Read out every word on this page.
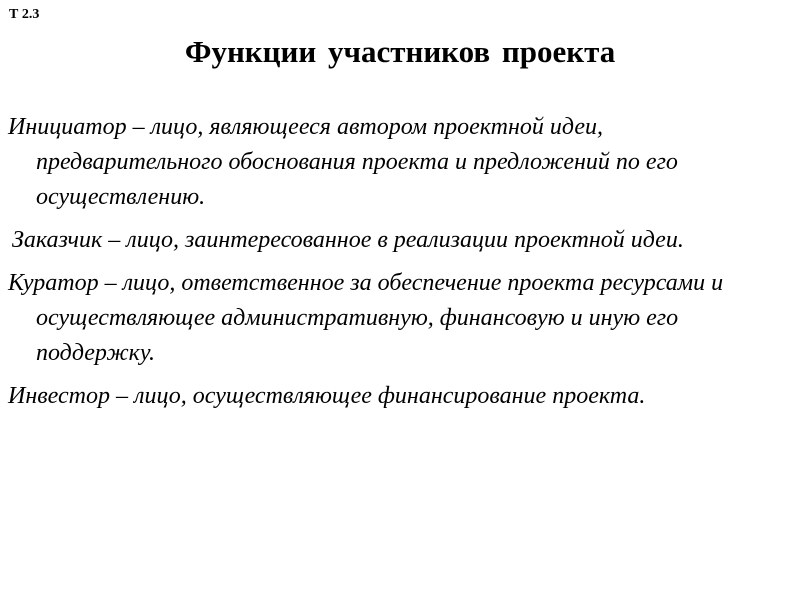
Т 2.3
Функции участников проекта

Инициатор – лицо, являющееся автором проектной идеи, предварительного обоснования проекта и предложений по его осуществлению.

Заказчик – лицо, заинтересованное в реализации проектной идеи.

Куратор – лицо, ответственное за обеспечение проекта ресурсами и осуществляющее административную, финансовую и иную его поддержку.

Инвестор – лицо, осуществляющее финансирование проекта.
